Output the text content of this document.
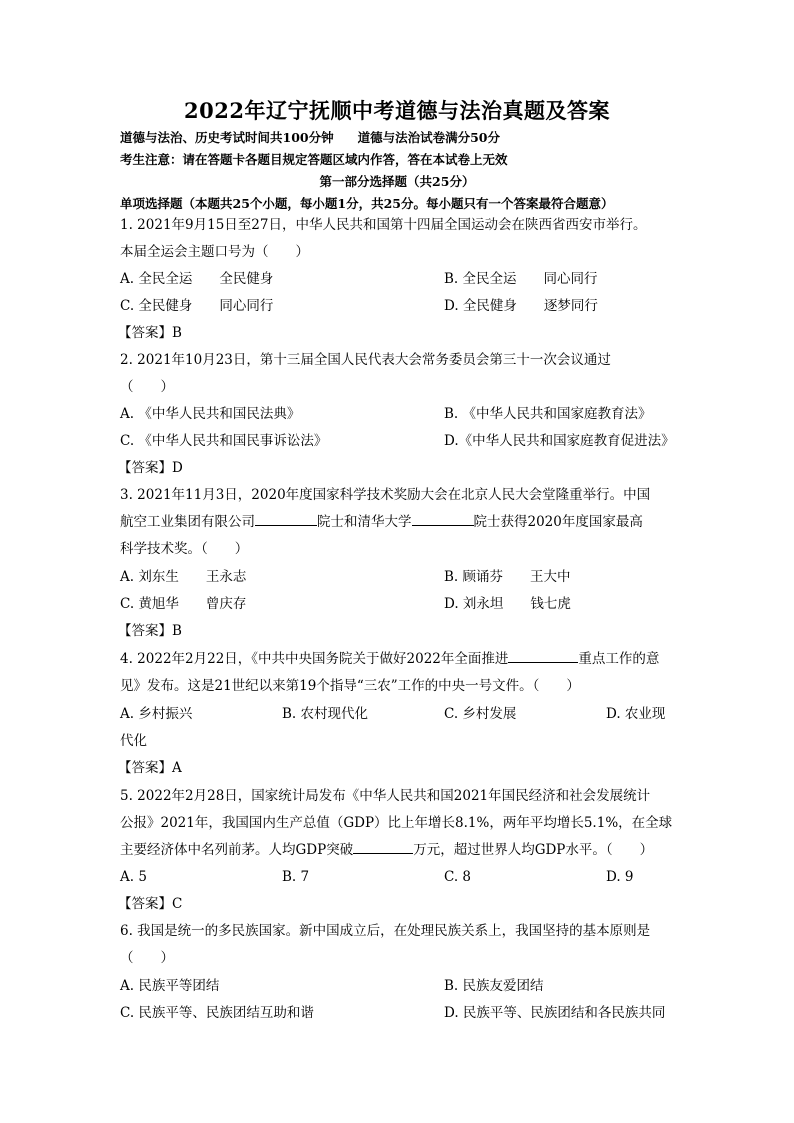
2022年辽宁抚顺中考道德与法治真题及答案
道德与法治、历史考试时间共100分钟 道德与法治试卷满分50分
考生注意：请在答题卡各题目规定答题区域内作答，答在本试卷上无效
第一部分选择题（共25分）
单项选择题（本题共25个小题，每小题1分，共25分。每小题只有一个答案最符合题意）
1. 2021年9月15日至27日，中华人民共和国第十四届全国运动会在陕西省西安市举行。
本届全运会主题口号为（　　）
A. 全民全运　　全民健身	B. 全民全运　　同心同行
C. 全民健身　　同心同行	D. 全民健身　　逐梦同行
【答案】B
2. 2021年10月23日，第十三届全国人民代表大会常务委员会第三十一次会议通过
（　　）
A. 《中华人民共和国民法典》	B. 《中华人民共和国家庭教育法》
C. 《中华人民共和国民事诉讼法》	D.《中华人民共和国家庭教育促进法》
【答案】D
3. 2021年11月3日，2020年度国家科学技术奖励大会在北京人民大会堂隆重举行。中国
航空工业集团有限公司	院士和清华大学	院士获得2020年度国家最高
科学技术奖。（　　）
A. 刘东生　　王永志	B. 顾诵芬　　王大中
C. 黄旭华　　曾庆存	D. 刘永坦　　钱七虎
【答案】B
4. 2022年2月22日，《中共中央国务院关于做好2022年全面推进	重点工作的意
见》发布。这是21世纪以来第19个指导“三农”工作的中央一号文件。（　　）
A. 乡村振兴	B. 农村现代化	C. 乡村发展	D. 农业现
代化
【答案】A
5. 2022年2月28日，国家统计局发布《中华人民共和国2021年国民经济和社会发展统计
公报》2021年，我国国内生产总值（GDP）比上年增长8.1%，两年平均增长5.1%，在全球
主要经济体中名列前茅。人均GDP突破	万元，超过世界人均GDP水平。（　　）
A. 5	B. 7	C. 8	D. 9
【答案】C
6. 我国是统一的多民族国家。新中国成立后，在处理民族关系上，我国坚持的基本原则是
（　　）
A. 民族平等团结	B. 民族友爱团结
C. 民族平等、民族团结互助和谐	D. 民族平等、民族团结和各民族共同
